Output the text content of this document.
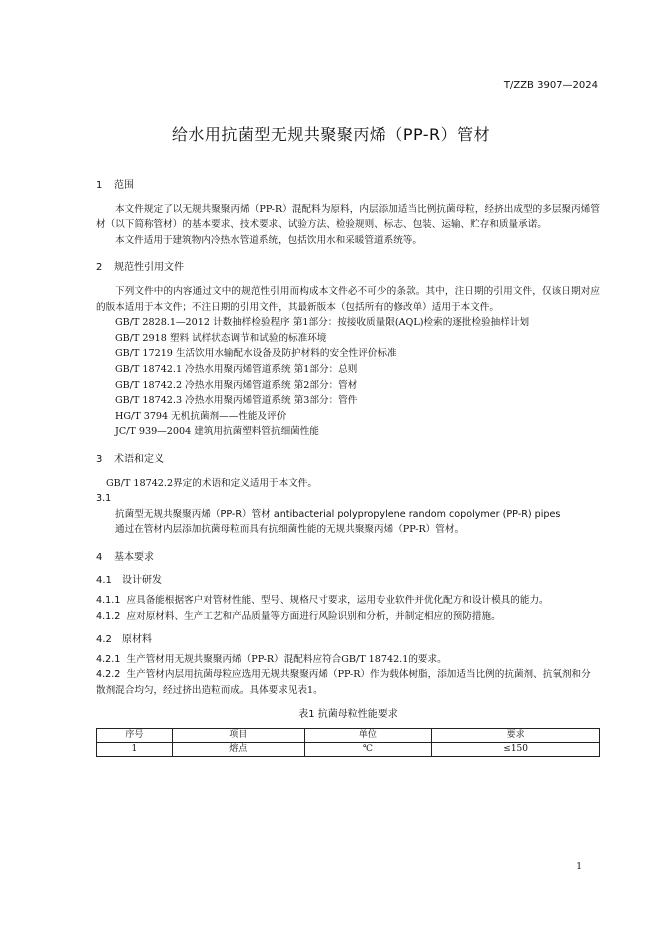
T/ZZB 3907—2024
给水用抗菌型无规共聚聚丙烯（PP-R）管材
1 范围

本文件规定了以无规共聚聚丙烯（PP-R）混配料为原料，内层添加适当比例抗菌母粒，经挤出成型的多层聚丙烯管材（以下简称管材）的基本要求、技术要求、试验方法、检验规则、标志、包装、运输、贮存和质量承诺。

本文件适用于建筑物内冷热水管道系统，包括饮用水和采暖管道系统等。

2 规范性引用文件

下列文件中的内容通过文中的规范性引用而构成本文件必不可少的条款。其中，注日期的引用文件，仅该日期对应的版本适用于本文件；不注日期的引用文件，其最新版本（包括所有的修改单）适用于本文件。

GB/T 2828.1—2012 计数抽样检验程序 第1部分：按接收质量限(AQL)检索的逐批检验抽样计划

GB/T 2918 塑料 试样状态调节和试验的标准环境

GB/T 17219 生活饮用水输配水设备及防护材料的安全性评价标准

GB/T 18742.1 冷热水用聚丙烯管道系统 第1部分：总则

GB/T 18742.2 冷热水用聚丙烯管道系统 第2部分：管材

GB/T 18742.3 冷热水用聚丙烯管道系统 第3部分：管件

HG/T 3794 无机抗菌剂——性能及评价

JC/T 939—2004 建筑用抗菌塑料管抗细菌性能

3 术语和定义

GB/T 18742.2界定的术语和定义适用于本文件。

3.1

抗菌型无规共聚聚丙烯（PP-R）管材 antibacterial polypropylene random copolymer (PP-R) pipes

通过在管材内层添加抗菌母粒而具有抗细菌性能的无规共聚聚丙烯（PP-R）管材。

4 基本要求
4.1 设计研发

4.1.1 应具备能根据客户对管材性能、型号、规格尺寸要求，运用专业软件并优化配方和设计模具的能力。

4.1.2 应对原材料、生产工艺和产品质量等方面进行风险识别和分析，并制定相应的预防措施。

4.2 原材料

4.2.1 生产管材用无规共聚聚丙烯（PP-R）混配料应符合GB/T 18742.1的要求。

4.2.2 生产管材内层用抗菌母粒应选用无规共聚聚丙烯（PP-R）作为载体树脂，添加适当比例的抗菌剂、抗氧剂和分散剂混合均匀，经过挤出造粒而成。具体要求见表1。

表1 抗菌母粒性能要求
序号	项目	单位	要求
1	熔点	℃	≤150
1
